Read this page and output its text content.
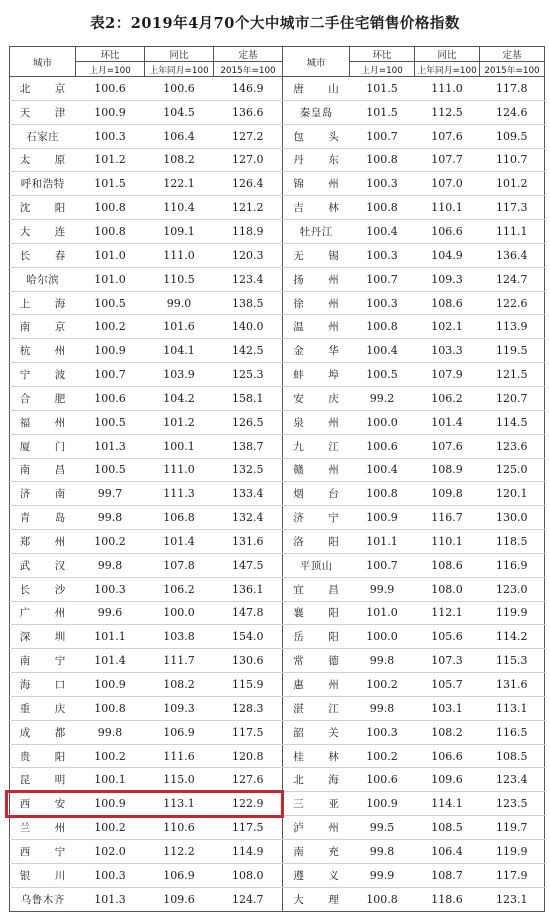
表2：2019年4月70个大中城市二手住宅销售价格指数
城市	环比	同比	定基	城市	环比	同比	定基
	上月=100	上年同月=100	2015年=100		上月=100	上年同月=100	2015年=100
北京	100.6	100.6	146.9	唐山	101.5	111.0	117.8
天津	100.9	104.5	136.6	秦皇岛	101.5	112.5	124.6
石家庄	100.3	106.4	127.2	包头	100.7	107.6	109.5
太原	101.2	108.2	127.0	丹东	100.8	107.7	110.7
呼和浩特	101.5	122.1	126.4	锦州	100.3	107.0	101.2
沈阳	100.8	110.4	121.2	吉林	100.8	110.1	117.3
大连	100.8	109.1	118.9	牡丹江	100.4	106.6	111.1
长春	101.0	111.0	120.3	无锡	100.3	104.9	136.4
哈尔滨	101.0	110.5	123.4	扬州	100.7	109.3	124.7
上海	100.5	99.0	138.5	徐州	100.3	108.6	122.6
南京	100.2	101.6	140.0	温州	100.8	102.1	113.9
杭州	100.9	104.1	142.5	金华	100.4	103.3	119.5
宁波	100.7	103.9	125.3	蚌埠	100.5	107.9	121.5
合肥	100.6	104.2	158.1	安庆	99.2	106.2	120.7
福州	100.5	101.2	126.5	泉州	100.0	101.4	114.5
厦门	101.3	100.1	138.7	九江	100.6	107.6	123.6
南昌	100.5	111.0	132.5	赣州	100.4	108.9	125.0
济南	99.7	111.3	133.4	烟台	100.8	109.8	120.1
青岛	99.8	106.8	132.4	济宁	100.9	116.7	130.0
郑州	100.2	101.4	131.6	洛阳	101.1	110.1	118.5
武汉	99.8	107.8	147.5	平顶山	100.7	108.6	116.9
长沙	100.3	106.2	136.1	宜昌	99.9	108.0	123.0
广州	99.6	100.0	147.8	襄阳	101.0	112.1	119.9
深圳	101.1	103.8	154.0	岳阳	100.0	105.6	114.2
南宁	101.4	111.7	130.6	常德	99.8	107.3	115.3
海口	100.9	108.2	115.9	惠州	100.2	105.7	131.6
重庆	100.8	109.3	128.3	湛江	99.8	103.1	113.1
成都	99.8	106.9	117.5	韶关	100.3	108.2	116.5
贵阳	100.2	111.6	120.8	桂林	100.2	106.6	108.5
昆明	100.1	115.0	127.6	北海	100.6	109.6	123.4
西安	100.9	113.1	122.9	三亚	100.9	114.1	123.5
兰州	100.2	110.6	117.5	泸州	99.5	108.5	119.7
西宁	102.0	112.2	114.9	南充	99.8	106.4	119.9
银川	100.3	106.9	108.0	遵义	99.9	108.7	117.9
乌鲁木齐	101.3	109.6	124.7	大理	100.8	118.6	123.1
